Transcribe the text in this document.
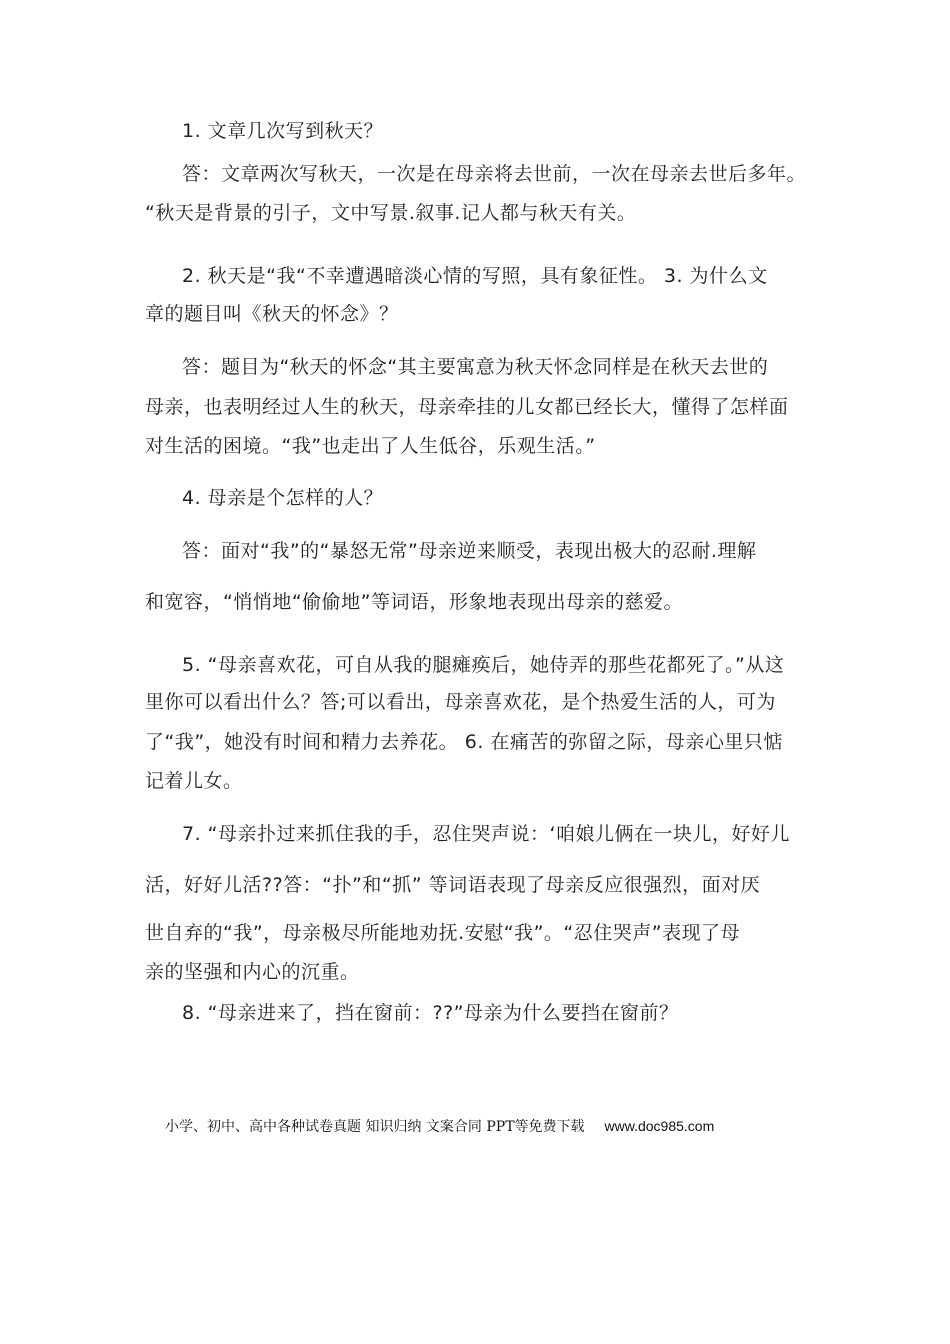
1. 文章几次写到秋天？
答：文章两次写秋天，一次是在母亲将去世前，一次在母亲去世后多年。
“秋天是背景的引子，文中写景.叙事.记人都与秋天有关。
2. 秋天是“我“不幸遭遇暗淡心情的写照，具有象征性。 3. 为什么文
章的题目叫《秋天的怀念》？
答：题目为“秋天的怀念“其主要寓意为秋天怀念同样是在秋天去世的
母亲，也表明经过人生的秋天，母亲牵挂的儿女都已经长大，懂得了怎样面
对生活的困境。“我”也走出了人生低谷，乐观生活。”
4. 母亲是个怎样的人？
答：面对“我”的“暴怒无常”母亲逆来顺受，表现出极大的忍耐.理解
和宽容，“悄悄地“偷偷地”等词语，形象地表现出母亲的慈爱。
5. “母亲喜欢花，可自从我的腿瘫痪后，她侍弄的那些花都死了。”从这
里你可以看出什么？答;可以看出，母亲喜欢花，是个热爱生活的人，可为
了“我”，她没有时间和精力去养花。 6. 在痛苦的弥留之际，母亲心里只惦
记着儿女。
7. “母亲扑过来抓住我的手，忍住哭声说：‘咱娘儿俩在一块儿，好好儿
活，好好儿活??答：“扑”和“抓” 等词语表现了母亲反应很强烈，面对厌
世自弃的“我”，母亲极尽所能地劝抚.安慰“我”。“忍住哭声”表现了母
亲的坚强和内心的沉重。
8. “母亲进来了，挡在窗前：??”母亲为什么要挡在窗前？
小学、初中、高中各种试卷真题 知识归纳 文案合同 PPT等免费下载 www.doc985.com
